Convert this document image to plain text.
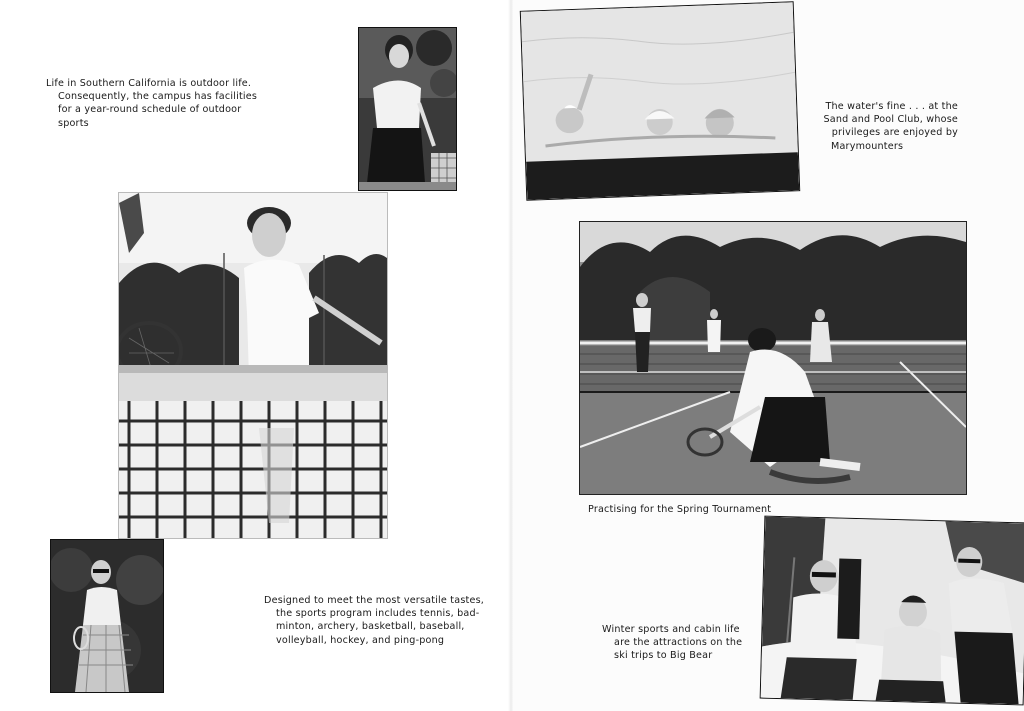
Life in Southern California is outdoor life.
Consequently, the campus has facilities
for a year-round schedule of outdoor
sports

Designed to meet the most versatile tastes,
the sports program includes tennis, bad-
minton, archery, basketball, baseball,
volleyball, hockey, and ping-pong

The water's fine . . . at the
Sand and Pool Club, whose
privileges are enjoyed by
Marymounters

Practising for the Spring Tournament

Winter sports and cabin life
are the attractions on the
ski trips to Big Bear
